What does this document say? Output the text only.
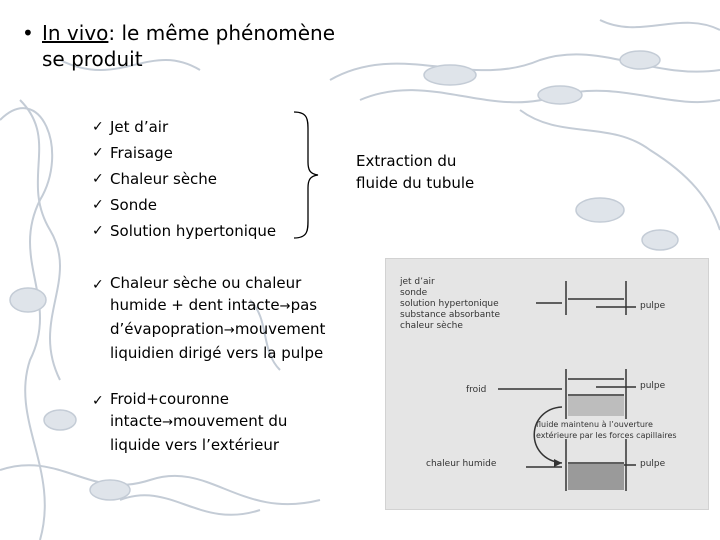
• In vivo: le même phénomène
se produit
✓ Jet d’air
✓ Fraisage
✓ Chaleur sèche
✓ Sonde
✓ Solution hypertonique
Extraction du
fluide du tubule
✓ Chaleur sèche ou chaleur
humide + dent intacte→pas
d’évapopration→mouvement
liquidien dirigé vers la pulpe
✓ Froid+couronne
intacte→mouvement du
liquide vers l’extérieur
jet d’air
sonde
solution hypertonique
substance absorbante
chaleur sèche
pulpe
froid	pulpe
fluide maintenu à l’ouverture
extérieure par les forces capillaires
chaleur humide	pulpe
